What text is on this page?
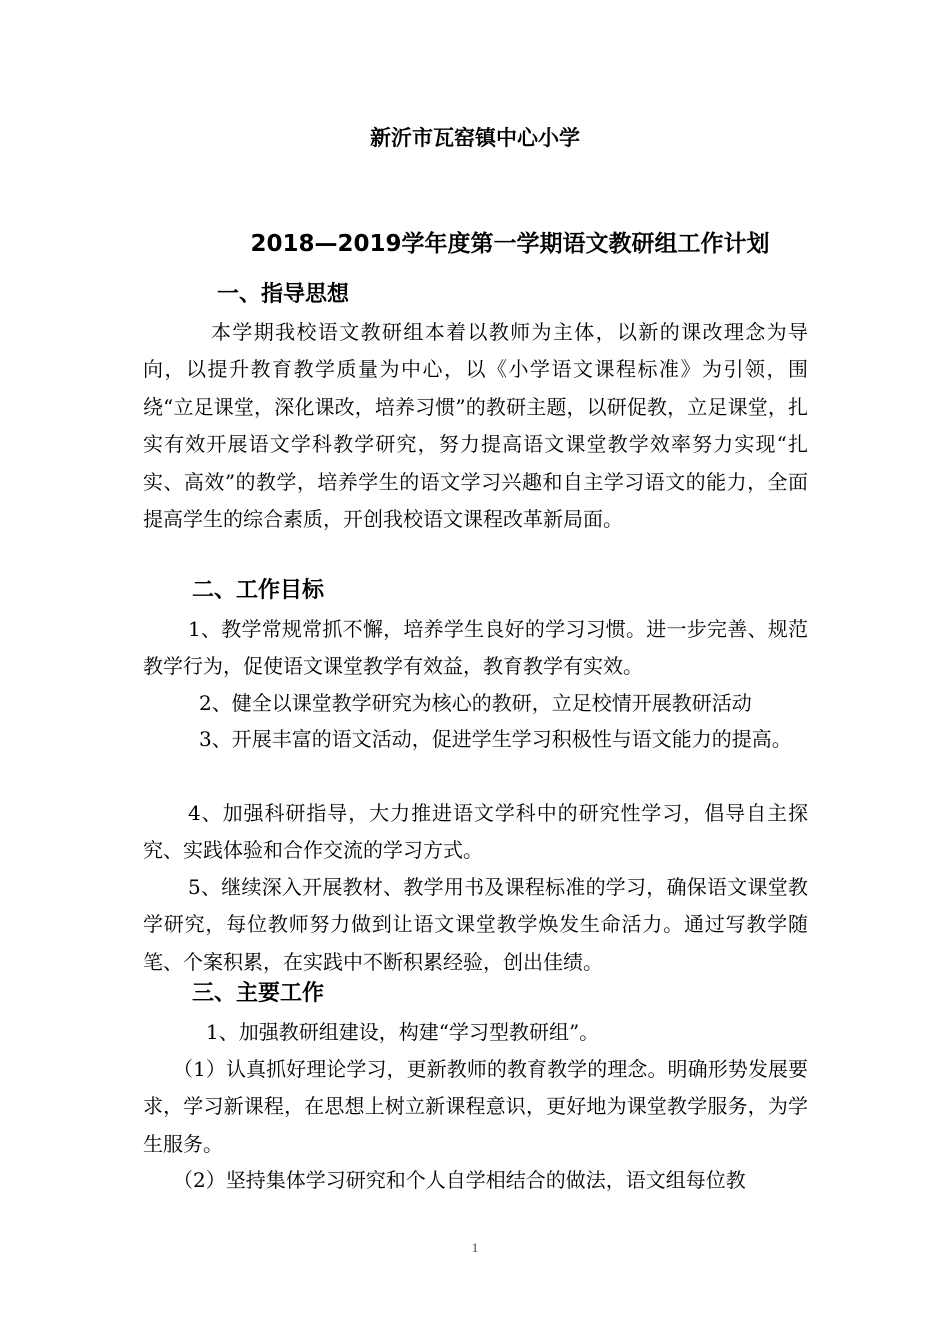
新沂市瓦窑镇中心小学
2018—2019学年度第一学期语文教研组工作计划
一、指导思想
本学期我校语文教研组本着以教师为主体，以新的课改理念为导向，以提升教育教学质量为中心，以《小学语文课程标准》为引领，围绕“立足课堂，深化课改，培养习惯”的教研主题，以研促教，立足课堂，扎实有效开展语文学科教学研究，努力提高语文课堂教学效率努力实现“扎实、高效”的教学，培养学生的语文学习兴趣和自主学习语文的能力，全面提高学生的综合素质，开创我校语文课程改革新局面。
二、工作目标
1、教学常规常抓不懈，培养学生良好的学习习惯。进一步完善、规范教学行为，促使语文课堂教学有效益，教育教学有实效。
2、健全以课堂教学研究为核心的教研，立足校情开展教研活动
3、开展丰富的语文活动，促进学生学习积极性与语文能力的提高。
4、加强科研指导，大力推进语文学科中的研究性学习，倡导自主探究、实践体验和合作交流的学习方式。
5、继续深入开展教材、教学用书及课程标准的学习，确保语文课堂教学研究，每位教师努力做到让语文课堂教学焕发生命活力。通过写教学随笔、个案积累，在实践中不断积累经验，创出佳绩。
三、主要工作
1、加强教研组建设，构建“学习型教研组”。
（1）认真抓好理论学习，更新教师的教育教学的理念。明确形势发展要求，学习新课程，在思想上树立新课程意识，更好地为课堂教学服务，为学生服务。
（2）坚持集体学习研究和个人自学相结合的做法，语文组每位教
1
